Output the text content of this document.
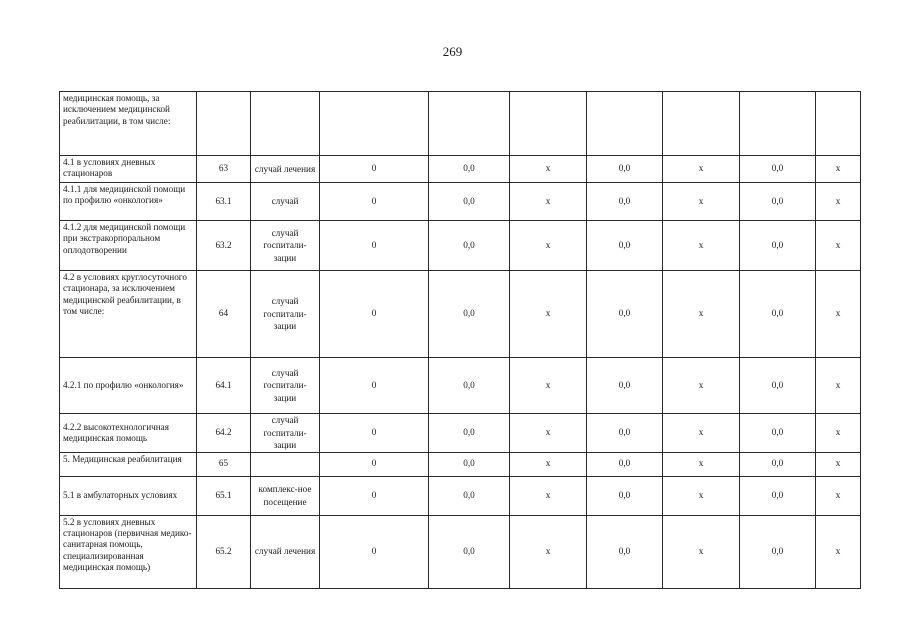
269
медицинская помощь, за исключением медицинской реабилитации, в том числе:									
4.1 в условиях дневных стационаров	63	случай лечения	0	0,0	x	0,0	x	0,0	x
4.1.1 для медицинской помощи по профилю «онкология»	63.1	случай	0	0,0	x	0,0	x	0,0	x
4.1.2 для медицинской помощи при экстракорпоральном оплодотворении	63.2	случай госпитали-зации	0	0,0	x	0,0	x	0,0	x
4.2 в условиях круглосуточного стационара, за исключением медицинской реабилитации, в том числе:	64	случай госпитали-зации	0	0,0	x	0,0	x	0,0	x
4.2.1 по профилю «онкология»	64.1	случай госпитали-зации	0	0,0	x	0,0	x	0,0	x
4.2.2 высокотехнологичная медицинская помощь	64.2	случай госпитали-зации	0	0,0	x	0,0	x	0,0	x
5. Медицинская реабилитация	65		0	0,0	x	0,0	x	0,0	x
5.1 в амбулаторных условиях	65.1	комплекс-ное посещение	0	0,0	x	0,0	x	0,0	x
5.2 в условиях дневных стационаров (первичная медико-санитарная помощь, специализированная медицинская помощь)	65.2	случай лечения	0	0,0	x	0,0	x	0,0	x
